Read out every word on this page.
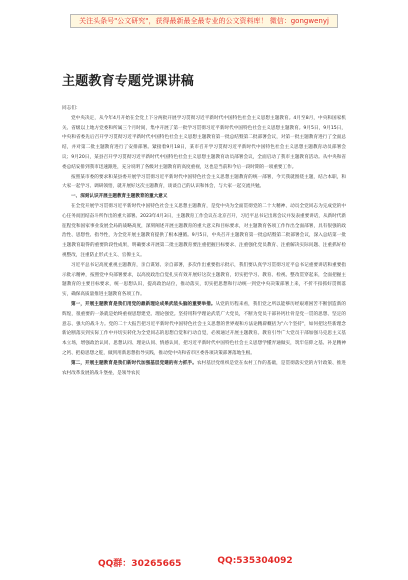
关注头条号"公文研究"，获得最新最全最专业的公文资料库！ 微信：gongwenyj
主题教育专题党课讲稿

同志们：

党中央决定，从今年4月开始在全党上下分两批开展学习贯彻习近平新时代中国特色社会主义思想主题教育。4月至8月，中央和国家机关、省级以上地方党委和所属三个月时间，集中开展了第一批学习贯彻习近平新时代中国特色社会主义思想主题教育。9月5日，9月15日，中央和省委先后召开学习贯彻习近平新时代中国特色社会主义思想主题教育第一批总结暨第二批部署会议，对第一批主题教育进行了全面总结，并对第二批主题教育进行了安排部署。紧接着9月18日，某市召开学习贯彻习近平新时代中国特色社会主义思想主题教育动员部署会议；9月20日，某县召开学习贯彻习近平新时代中国特色社会主义思想主题教育动员部署会议，全面启动了我市主题教育活动。从中央和省委总结安排到我市迅速跟进，充分说明了各级对主题教育的高度重视，这也是当前和今后一段时期的一项重要工作。

按照某市委的要求和某县委开展学习贯彻习近平新时代中国特色社会主义思想主题教育的统一部署，今天我就围绕主题，结合本职，和大家一起学习、调研领悟，就开展好这次主题教育，谈谈自己的认识和体会，与大家一起交流共勉。

一、深刻认识开展主题教育主题教育的重大意义

在全党开展学习贯彻习近平新时代中国特色社会主义思想主题教育，是党中央为全面贯彻党的二十大精神、动员全党同志为完成党的中心任务而团结奋斗所作出的重大部署。2023年4月3日，主题教育工作会议在北京召开，习近平总书记出席会议并发表重要讲话，从新时代新征程党和国家事业发展全局的战略高度，深刻阐述开展主题教育的重大意义和目标要求，对主题教育各项工作作出全面部署，具有很强的政治性、思想性、指导性，为全党开展主题教育提供了根本遵循。9月5日，中央召开主题教育第一批总结暨第二批部署会议，深入总结第一批主题教育取得的重要阶段性成果，明确要求开展第二批主题教育要注重把握目标要求、注重强化党员教育、注重解决实际问题、注重抓好检视整改，注重防止形式主义、官僚主义。

习近平总书记高度重视主题教育，亲自谋划、亲自部署，多次作出重要指示批示，我们要认真学习贯彻习近平总书记重要讲话和重要指示批示精神，按照党中央部署要求，以高度政治自觉扎实有效开展好这次主题教育，切实把学习、教育、检视、整改贯穿起来，全面把握主题教育的主要目标要求，统一思想认识，提高政治站位，推动落实，切实把思想和行动统一到党中央决策部署上来，不折不扣抓好贯彻落实，确保高质量推进主题教育各项工作。

第一，开展主题教育是我们用党的最新理论成果武装头脑的重要举措。从党的历程来看，我们党之所以能够历经艰难困苦不断创造新的辉煌，很重要的一条就是始终重视思想建党、理论强党。坚持用科学理论武装广大党员，不断为党员干部补钙壮骨是党一贯的思想、坚定的意志、强大的战斗力。党的二十大报告把习近平新时代中国特色社会主义思想的世界观和方法论精辟概括为"六个坚持"，如何把这些新理念新论断落实到实际工作中并切实转化为全党同志的思想自觉和行动自觉，必须通过开展主题教育。教育引导广大党员干部加强马克思主义基本立场，增强政治认同、思想认同、理论认同、情感认同，把习近平新时代中国特色社会主义思想学懂弄通做实，筑牢信仰之基、补足精神之钙、把稳思想之舵，做到用新思想指导实践，推动党中央和省市区委各项决策部署落地生根。

第二，开展主题教育是我们新时代加强基层党建的有力抓手。农村基层党组织是党在农村工作的基础，是贯彻落实党的方针政策、推进农村改革发展的战斗堡垒，是领导农民

QQ群：30265665	QQ:535304092
